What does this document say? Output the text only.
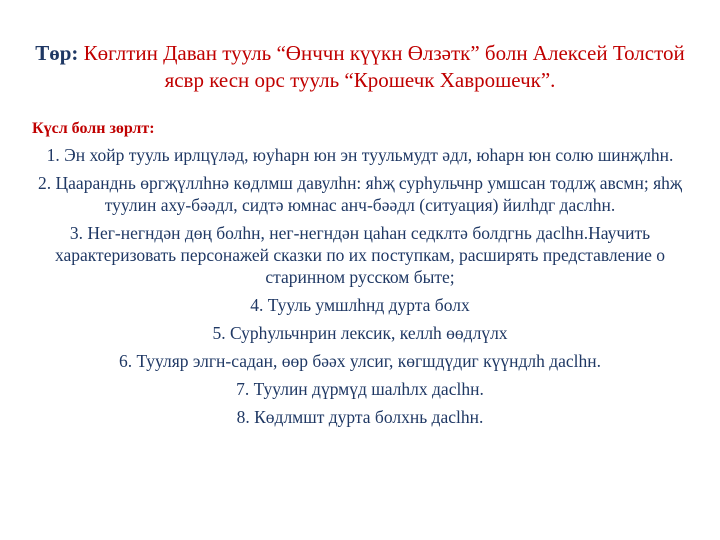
Төр: Көглтин Даван тууль “Өнччн күүкн Өлзәтк” болн Алексей Толстой ясвр кесн орс тууль “Крошечк Хаврошечк”.
Күсл болн зөрлт:
1. Эн хойр тууль ирлцүләд, юуhарн юн эн туульмудт әдл, юhарн юн солю шинҗлhн.
2. Цааранднь өргҗүллhнә көдлмш давулhн: яhҗ сурhульчнр умшсан тодлҗ авсмн; яhҗ туулин аху-бәәдл, сидтә юмнас анч-бәәдл (ситуация) йилhдг даслhн.
3. Нег-негндән дөң болhн, нег-негндән цаhан седклтә болдгнь дасlhн.Научить характеризовать персонажей сказки по их поступкам, расширять представление о старинном русском быте;
4. Тууль умшлhнд дурта болх
5. Сурhульчнрин лексик, келлh өөдлүлх
6. Тууляр элгн-садан, өөр бәәх улсиг, көгшдүдиг күүндлh дасlhн.
7. Туулин дүрмүд шалhлх дасlhн.
8. Көдлмшт дурта болхнь дасlhн.
